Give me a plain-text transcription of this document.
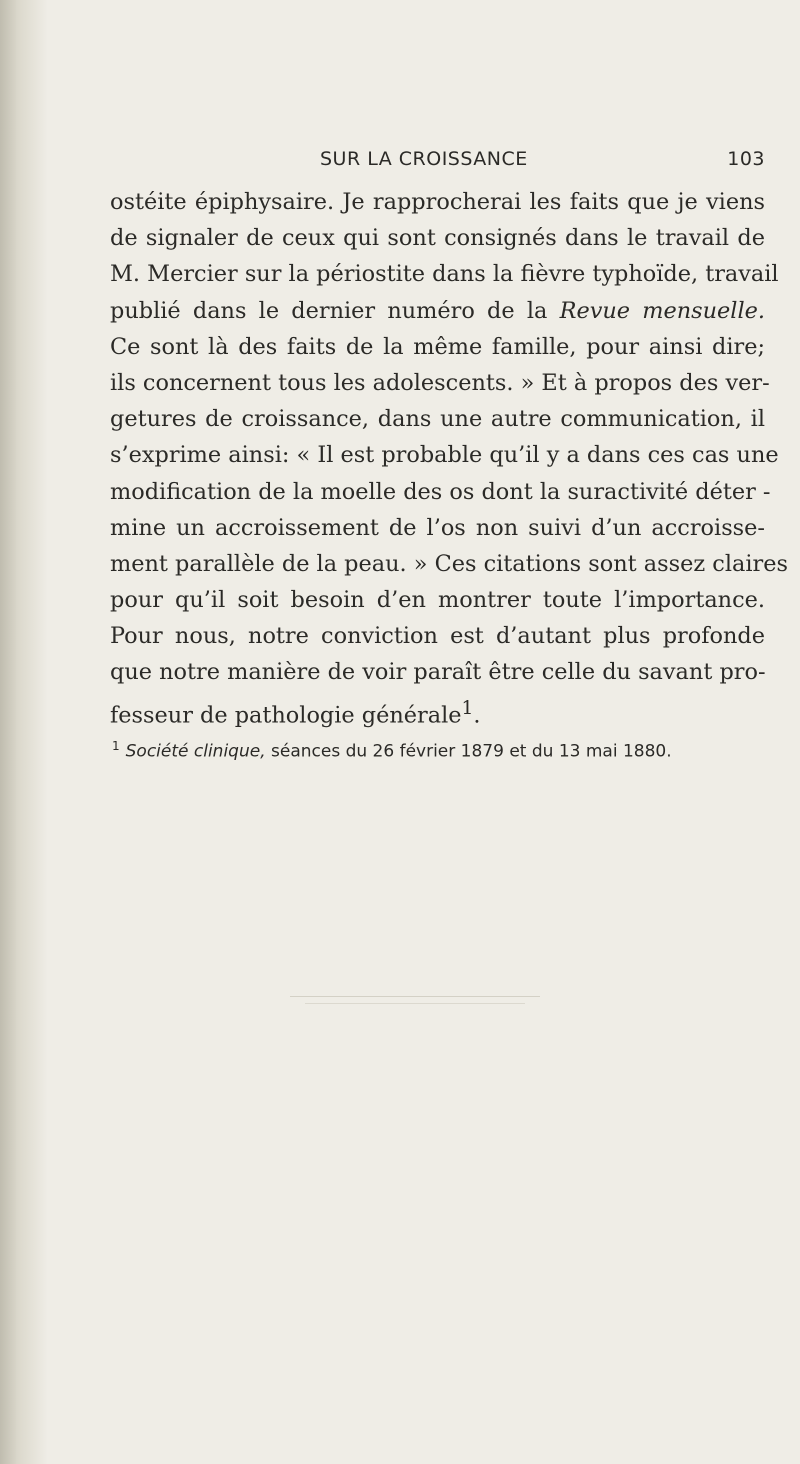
SUR LA CROISSANCE	103
ostéite épiphysaire. Je rapprocherai les faits que je viens
de signaler de ceux qui sont consignés dans le travail de
M. Mercier sur la périostite dans la fièvre typhoïde, travail
publié dans le dernier numéro de la Revue mensuelle.
Ce sont là des faits de la même famille, pour ainsi dire;
ils concernent tous les adolescents. » Et à propos des ver-
getures de croissance, dans une autre communication, il
s’exprime ainsi: « Il est probable qu’il y a dans ces cas une
modification de la moelle des os dont la suractivité déter -
mine un accroissement de l’os non suivi d’un accroisse-
ment parallèle de la peau. » Ces citations sont assez claires
pour qu’il soit besoin d’en montrer toute l’importance.
Pour nous, notre conviction est d’autant plus profonde
que notre manière de voir paraît être celle du savant pro-
fesseur de pathologie générale$^1$.
$^1$ Société clinique, séances du 26 février 1879 et du 13 mai 1880.
